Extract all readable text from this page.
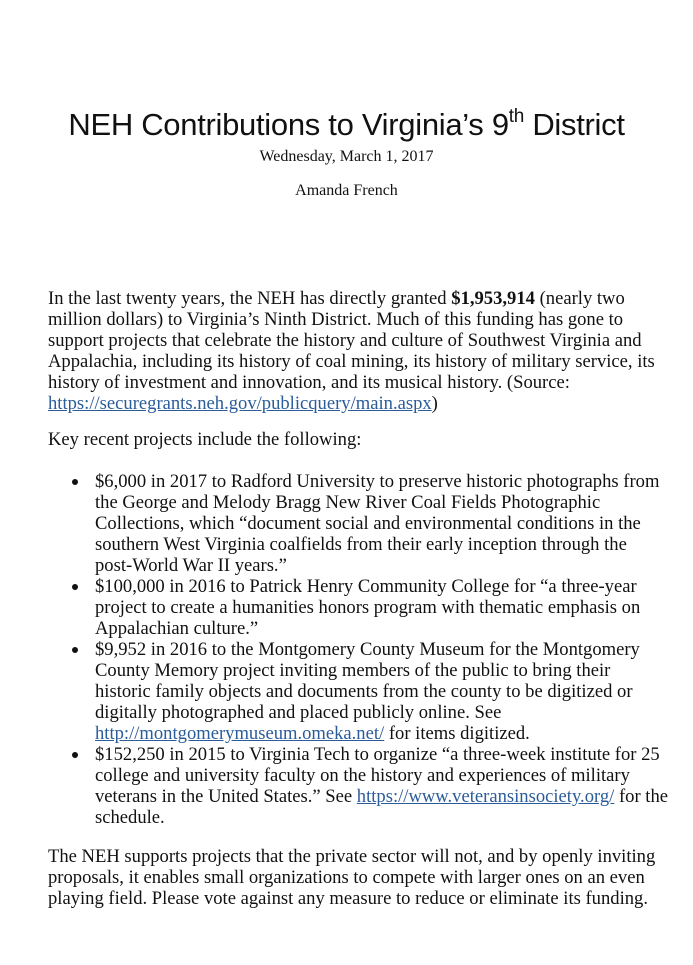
NEH Contributions to Virginia’s 9th District
Wednesday, March 1, 2017
Amanda French

In the last twenty years, the NEH has directly granted $1,953,914 (nearly two million dollars) to Virginia’s Ninth District. Much of this funding has gone to support projects that celebrate the history and culture of Southwest Virginia and Appalachia, including its history of coal mining, its history of military service, its history of investment and innovation, and its musical history. (Source: https://securegrants.neh.gov/publicquery/main.aspx)

Key recent projects include the following:

$6,000 in 2017 to Radford University to preserve historic photographs from the George and Melody Bragg New River Coal Fields Photographic Collections, which “document social and environmental conditions in the southern West Virginia coalfields from their early inception through the post-World War II years.”
$100,000 in 2016 to Patrick Henry Community College for “a three-year project to create a humanities honors program with thematic emphasis on Appalachian culture.”
$9,952 in 2016 to the Montgomery County Museum for the Montgomery County Memory project inviting members of the public to bring their historic family objects and documents from the county to be digitized or digitally photographed and placed publicly online. See http://montgomerymuseum.omeka.net/ for items digitized.
$152,250 in 2015 to Virginia Tech to organize “a three-week institute for 25 college and university faculty on the history and experiences of military veterans in the United States.” See https://www.veteransinsociety.org/ for the schedule.

The NEH supports projects that the private sector will not, and by openly inviting proposals, it enables small organizations to compete with larger ones on an even playing field. Please vote against any measure to reduce or eliminate its funding.
